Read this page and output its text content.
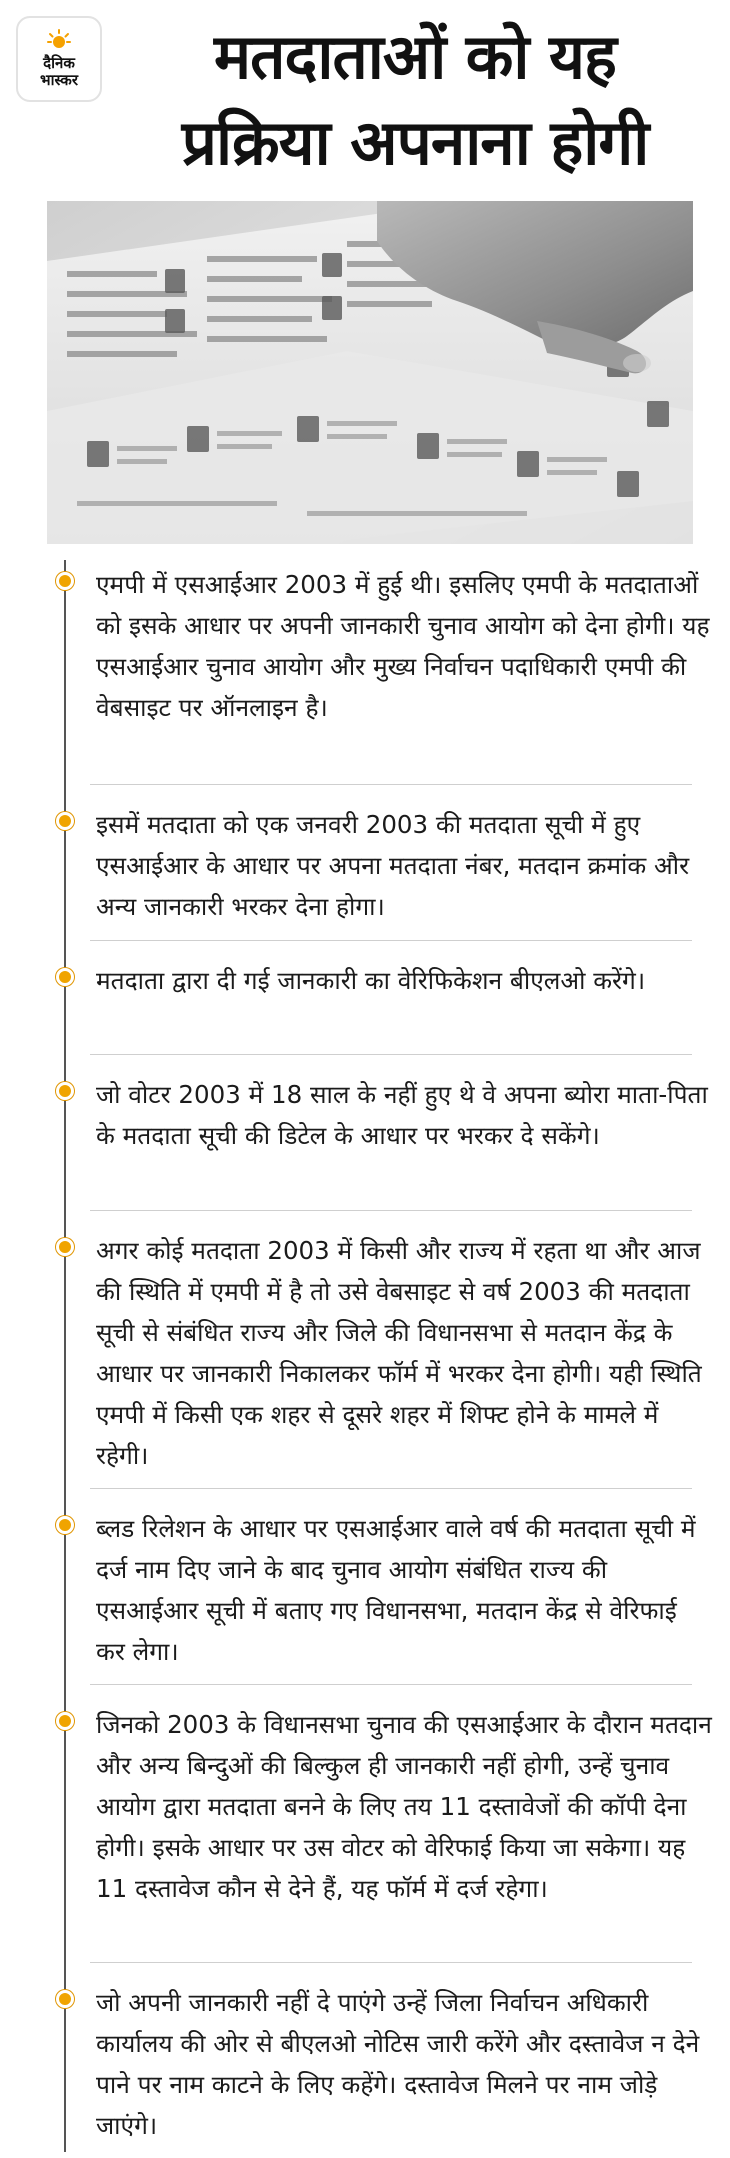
दैनिक
भास्कर	मतदाताओं को यह
प्रक्रिया अपनाना होगी
एमपी में एसआईआर 2003 में हुई थी। इसलिए एमपी के मतदाताओं को इसके आधार पर अपनी जानकारी चुनाव आयोग को देना होगी। यह एसआईआर चुनाव आयोग और मुख्य निर्वाचन पदाधिकारी एमपी की वेबसाइट पर ऑनलाइन है।
इसमें मतदाता को एक जनवरी 2003 की मतदाता सूची में हुए एसआईआर के आधार पर अपना मतदाता नंबर, मतदान क्रमांक और अन्य जानकारी भरकर देना होगा।
मतदाता द्वारा दी गई जानकारी का वेरिफिकेशन बीएलओ करेंगे।
जो वोटर 2003 में 18 साल के नहीं हुए थे वे अपना ब्योरा माता-पिता के मतदाता सूची की डिटेल के आधार पर भरकर दे सकेंगे।
अगर कोई मतदाता 2003 में किसी और राज्य में रहता था और आज की स्थिति में एमपी में है तो उसे वेबसाइट से वर्ष 2003 की मतदाता सूची से संबंधित राज्य और जिले की विधानसभा से मतदान केंद्र के आधार पर जानकारी निकालकर फॉर्म में भरकर देना होगी। यही स्थिति एमपी में किसी एक शहर से दूसरे शहर में शिफ्ट होने के मामले में रहेगी।
ब्लड रिलेशन के आधार पर एसआईआर वाले वर्ष की मतदाता सूची में दर्ज नाम दिए जाने के बाद चुनाव आयोग संबंधित राज्य की एसआईआर सूची में बताए गए विधानसभा, मतदान केंद्र से वेरिफाई कर लेगा।
जिनको 2003 के विधानसभा चुनाव की एसआईआर के दौरान मतदान और अन्य बिन्दुओं की बिल्कुल ही जानकारी नहीं होगी, उन्हें चुनाव आयोग द्वारा मतदाता बनने के लिए तय 11 दस्तावेजों की कॉपी देना होगी। इसके आधार पर उस वोटर को वेरिफाई किया जा सकेगा। यह 11 दस्तावेज कौन से देने हैं, यह फॉर्म में दर्ज रहेगा।
जो अपनी जानकारी नहीं दे पाएंगे उन्हें जिला निर्वाचन अधिकारी कार्यालय की ओर से बीएलओ नोटिस जारी करेंगे और दस्तावेज न देने पाने पर नाम काटने के लिए कहेंगे। दस्तावेज मिलने पर नाम जोड़े जाएंगे।
